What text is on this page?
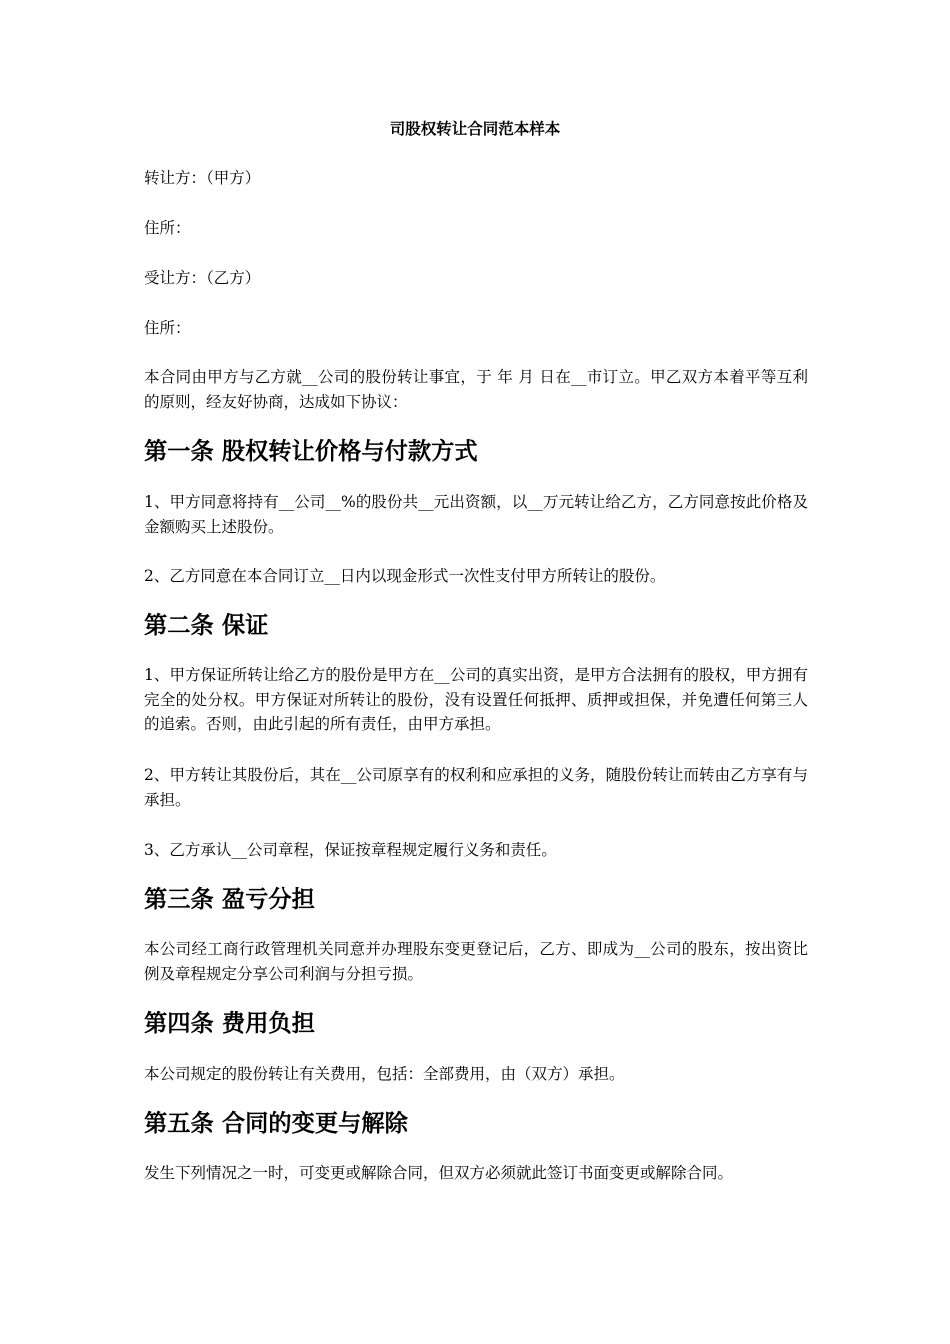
司股权转让合同范本样本

转让方：（甲方）

住所：

受让方：（乙方）

住所：

本合同由甲方与乙方就__公司的股份转让事宜，于 年 月 日在__市订立。甲乙双方本着平等互利的原则，经友好协商，达成如下协议：

第一条 股权转让价格与付款方式

1、甲方同意将持有__公司__%的股份共__元出资额，以__万元转让给乙方，乙方同意按此价格及金额购买上述股份。

2、乙方同意在本合同订立__日内以现金形式一次性支付甲方所转让的股份。

第二条 保证

1、甲方保证所转让给乙方的股份是甲方在__公司的真实出资，是甲方合法拥有的股权，甲方拥有完全的处分权。甲方保证对所转让的股份，没有设置任何抵押、质押或担保，并免遭任何第三人的追索。否则，由此引起的所有责任，由甲方承担。

2、甲方转让其股份后，其在__公司原享有的权利和应承担的义务，随股份转让而转由乙方享有与承担。

3、乙方承认__公司章程，保证按章程规定履行义务和责任。

第三条 盈亏分担

本公司经工商行政管理机关同意并办理股东变更登记后，乙方、即成为__公司的股东，按出资比例及章程规定分享公司利润与分担亏损。

第四条 费用负担

本公司规定的股份转让有关费用，包括：全部费用，由（双方）承担。

第五条 合同的变更与解除

发生下列情况之一时，可变更或解除合同，但双方必须就此签订书面变更或解除合同。
